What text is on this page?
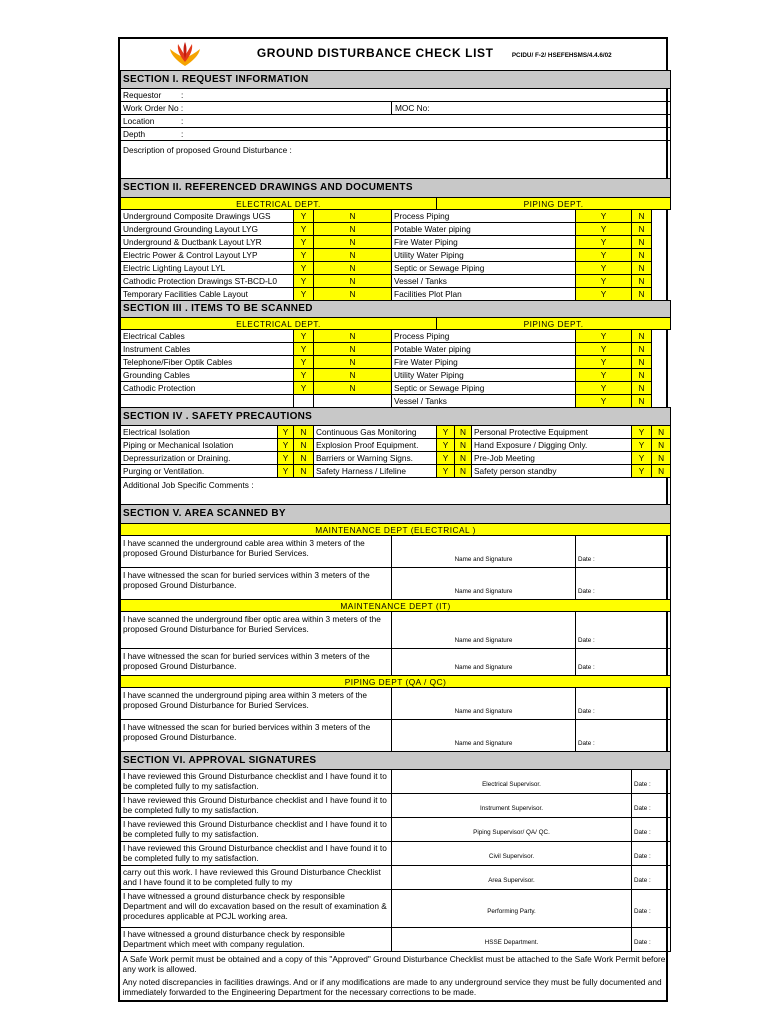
GROUND DISTURBANCE CHECK LIST PCIDU/ F-2/ HSEFEHSMS/4.4.6/02										
SECTION I. REQUEST INFORMATION										
Requestor :										
Work Order No :				MOC No:						
Location :										
Depth :										
Description of proposed Ground Disturbance :										
SECTION II. REFERENCED DRAWINGS AND DOCUMENTS										
ELECTRICAL DEPT.					PIPING DEPT.					
Underground Composite Drawings UGS		Y	N	Process Piping				Y	N	
Underground Grounding Layout LYG		Y	N	Potable Water piping				Y	N	
Underground & Ductbank Layout LYR		Y	N	Fire Water Piping				Y	N	
Electric Power & Control Layout LYP		Y	N	Utility Water Piping				Y	N	
Electric Lighting Layout LYL		Y	N	Septic or Sewage Piping				Y	N	
Cathodic Protection Drawings ST-BCD-L0		Y	N	Vessel / Tanks				Y	N	
Temporary Facilities Cable Layout		Y	N	Facilities Plot Plan				Y	N	
SECTION III . ITEMS TO BE SCANNED										
ELECTRICAL DEPT.					PIPING DEPT.					
Electrical Cables		Y	N	Process Piping				Y	N	
Instrument Cables		Y	N	Potable Water piping				Y	N	
Telephone/Fiber Optik Cables		Y	N	Fire Water Piping				Y	N	
Grounding Cables		Y	N	Utility Water Piping				Y	N	
Cathodic Protection		Y	N	Septic or Sewage Piping				Y	N	
				Vessel / Tanks				Y	N	
SECTION IV . SAFETY PRECAUTIONS										
Electrical Isolation	Y	N	Continuous Gas Monitoring		Y	N	Personal Protective Equipment		Y	N
Piping or Mechanical Isolation	Y	N	Explosion Proof Equipment.		Y	N	Hand Exposure / Digging Only.		Y	N
Depressurization or Draining.	Y	N	Barriers or Warning Signs.		Y	N	Pre-Job Meeting		Y	N
Purging or Ventilation.	Y	N	Safety Harness / Lifeline		Y	N	Safety person standby		Y	N
Additional Job Specific Comments :										
SECTION V. AREA SCANNED BY										
MAINTENANCE DEPT (ELECTRICAL )										
I have scanned the underground cable area within 3 meters of the proposed Ground Disturbance for Buried Services.				Name and Signature				Date :		
I have witnessed the scan for buried services within 3 meters of the proposed Ground Disturbance.				Name and Signature				Date :		
MAINTENANCE DEPT (IT)										
I have scanned the underground fiber optic area within 3 meters of the proposed Ground Disturbance for Buried Services.				Name and Signature				Date :		
I have witnessed the scan for buried services within 3 meters of the proposed Ground Disturbance.				Name and Signature				Date :		
PIPING DEPT (QA / QC)										
I have scanned the underground piping area within 3 meters of the proposed Ground Disturbance for Buried Services.				Name and Signature				Date :		
I have witnessed the scan for buried bervices within 3 meters of the proposed Ground Disturbance.				Name and Signature				Date :		
SECTION VI. APPROVAL SIGNATURES										
I have reviewed this Ground Disturbance checklist and I have found it to be completed fully to my satisfaction.				Electrical Supervisor.					Date :	
I have reviewed this Ground Disturbance checklist and I have found it to be completed fully to my satisfaction.				Instrument Supervisor.					Date :	
I have reviewed this Ground Disturbance checklist and I have found it to be completed fully to my satisfaction.				Piping Supervisor/ QA/ QC.					Date :	
I have reviewed this Ground Disturbance checklist and I have found it to be completed fully to my satisfaction.				Civil Supervisor.					Date :	
carry out this work. I have reviewed this Ground Disturbance Checklist and I have found it to be completed fully to my				Area Supervisor.					Date :	
I have witnessed a ground disturbance check by responsible Department and will do excavation based on the result of examination & procedures applicable at PCJL working area.				Performing Party.					Date :	
I have witnessed a ground disturbance check by responsible Department which meet with company regulation.				HSSE Department.					Date :	
A Safe Work permit must be obtained and a copy of this "Approved" Ground Disturbance Checklist must be attached to the Safe Work Permit before any work is allowed.										
Any noted discrepancies in facilities drawings. And or if any modifications are made to any underground service they must be fully documented and immediately forwarded to the Engineering Department for the necessary corrections to be made.										
